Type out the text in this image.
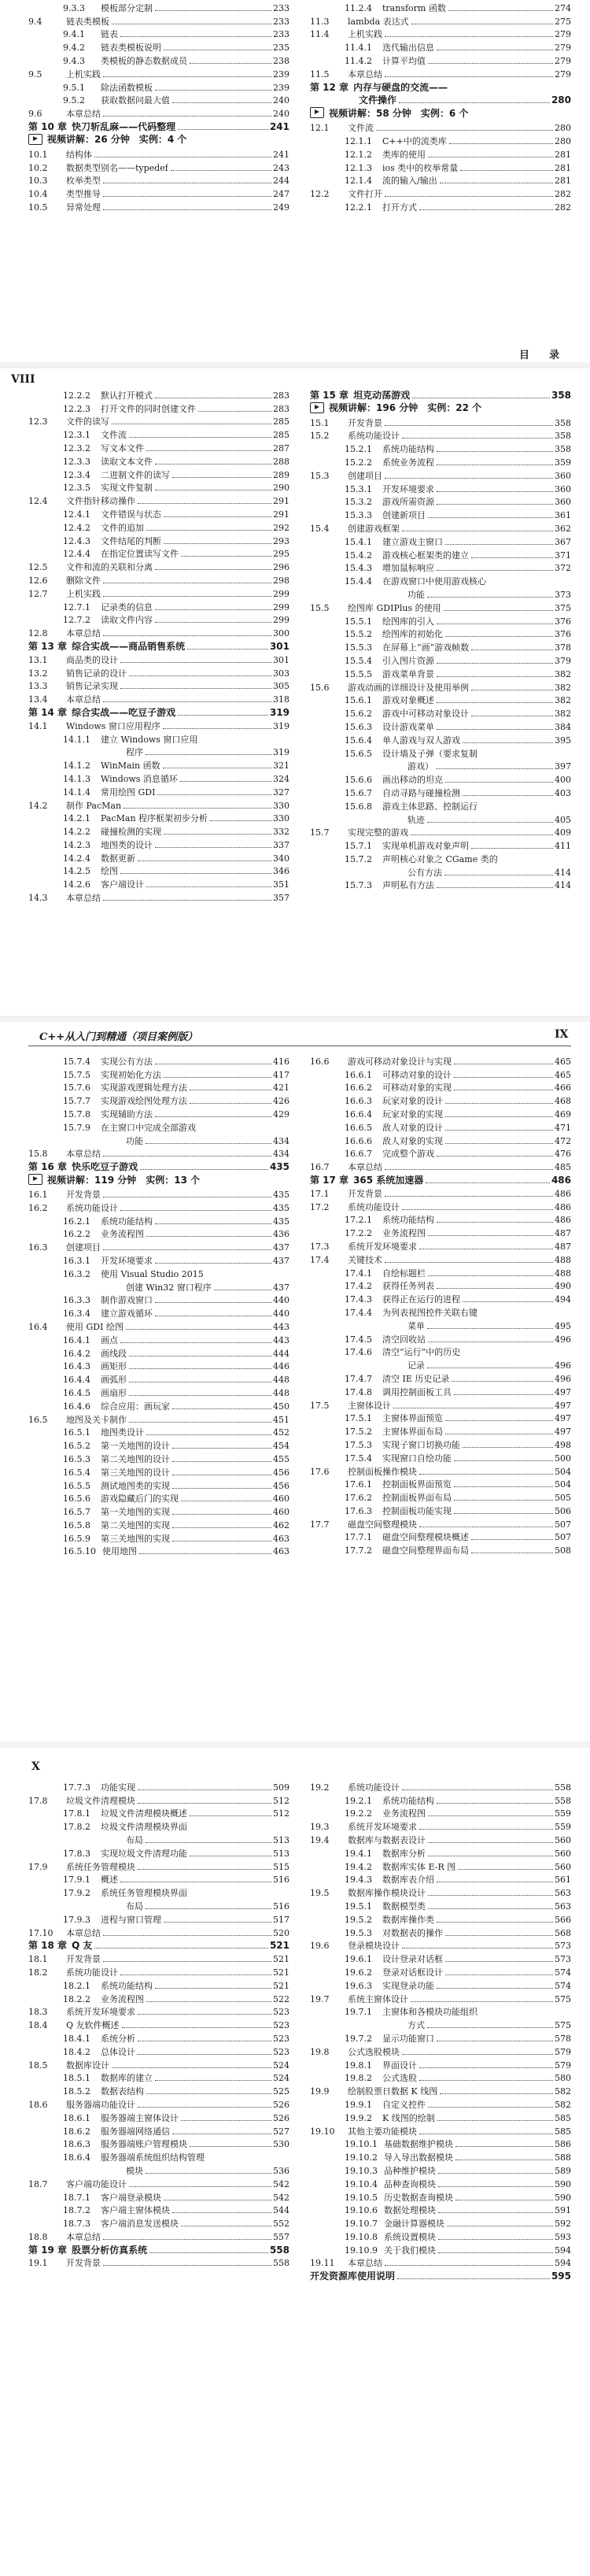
9.3.3	模板部分定制	233
9.4	链表类模板	233
9.4.1	链表	233
9.4.2	链表类模板说明	235
9.4.3	类模板的静态数据成员	238
9.5	上机实践	239
9.5.1	除法函数模板	239
9.5.2	获取数据问最大值	240
9.6	本章总结	240
第 10 章 快刀斩乱麻——代码整理	241
视频讲解：26 分钟　实例：4 个
10.1	结构体	241
10.2	数据类型别名——typedef	243
10.3	枚举类型	244
10.4	类型推导	247
10.5	异常处理	249
11.2.4	transform 函数	274
11.3	lambda 表达式	275
11.4	上机实践	279
11.4.1	迭代输出信息	279
11.4.2	计算平均值	279
11.5	本章总结	279
第 12 章 内存与硬盘的交流——
文件操作	280
视频讲解：58 分钟　实例：6 个
12.1	文件流	280
12.1.1	C++中的流类库	280
12.1.2	类库的使用	281
12.1.3	ios 类中的枚举常量	281
12.1.4	流的输入/输出	281
12.2	文件打开	282
12.2.1	打开方式	282
目　录
VIII
12.2.2	默认打开模式	283
12.2.3	打开文件的同时创建文件	283
12.3	文件的读写	285
12.3.1	文件流	285
12.3.2	写文本文件	287
12.3.3	读取文本文件	288
12.3.4	二进制文件的读写	289
12.3.5	实现文件复制	290
12.4	文件指针移动操作	291
12.4.1	文件错误与状态	291
12.4.2	文件的追加	292
12.4.3	文件结尾的判断	293
12.4.4	在指定位置读写文件	295
12.5	文件和流的关联和分离	296
12.6	删除文件	298
12.7	上机实践	299
12.7.1	记录类的信息	299
12.7.2	读取文件内容	299
12.8	本章总结	300
第 13 章 综合实战——商品销售系统	301
13.1	商品类的设计	301
13.2	销售记录的设计	303
13.3	销售记录实现	305
13.4	本章总结	318
第 14 章 综合实战——吃豆子游戏	319
14.1	Windows 窗口应用程序	319
14.1.1	建立 Windows 窗口应用
程序	319
14.1.2	WinMain 函数	321
14.1.3	Windows 消息循环	324
14.1.4	常用绘图 GDI	327
14.2	制作 PacMan	330
14.2.1	PacMan 程序框架初步分析	330
14.2.2	碰撞检测的实现	332
14.2.3	地图类的设计	337
14.2.4	数据更新	340
14.2.5	绘图	346
14.2.6	客户端设计	351
14.3	本章总结	357
第 15 章 坦克动荡游戏	358
视频讲解：196 分钟　实例：22 个
15.1	开发背景	358
15.2	系统功能设计	358
15.2.1	系统功能结构	358
15.2.2	系统业务流程	359
15.3	创建项目	360
15.3.1	开发环境要求	360
15.3.2	游戏所需资源	360
15.3.3	创建新项目	361
15.4	创建游戏框架	362
15.4.1	建立游戏主窗口	367
15.4.2	游戏核心框架类的建立	371
15.4.3	增加鼠标响应	372
15.4.4	在游戏窗口中使用游戏核心
功能	373
15.5	绘图库 GDIPlus 的使用	375
15.5.1	绘图库的引入	376
15.5.2	绘图库的初始化	376
15.5.3	在屏幕上“画”游戏帧数	378
15.5.4	引入图片资源	379
15.5.5	游戏菜单背景	382
15.6	游戏动画的详细设计及使用举例	382
15.6.1	游戏对象概述	382
15.6.2	游戏中可移动对象设计	382
15.6.3	设计游戏菜单	384
15.6.4	单人游戏与双人游戏	395
15.6.5	设计墙及子弹（要求复制
游戏）	397
15.6.6	画出移动的坦克	400
15.6.7	自动寻路与碰撞检测	403
15.6.8	游戏主体思路、控制运行
轨迹	405
15.7	实现完整的游戏	409
15.7.1	实现单机游戏对象声明	411
15.7.2	声明核心对象之 CGame 类的
公有方法	414
15.7.3	声明私有方法	414
C++从入门到精通（项目案例版）	IX
15.7.4	实现公有方法	416
15.7.5	实现初始化方法	417
15.7.6	实现游戏逻辑处理方法	421
15.7.7	实现游戏绘图处理方法	426
15.7.8	实现辅助方法	429
15.7.9	在主窗口中完成全部游戏
功能	434
15.8	本章总结	434
第 16 章 快乐吃豆子游戏	435
视频讲解：119 分钟　实例：13 个
16.1	开发背景	435
16.2	系统功能设计	435
16.2.1	系统功能结构	435
16.2.2	业务流程图	436
16.3	创建项目	437
16.3.1	开发环境要求	437
16.3.2	使用 Visual Studio 2015
创建 Win32 窗口程序	437
16.3.3	制作游戏窗口	440
16.3.4	建立游戏循环	440
16.4	使用 GDI 绘图	443
16.4.1	画点	443
16.4.2	画线段	444
16.4.3	画矩形	446
16.4.4	画弧形	448
16.4.5	画扇形	448
16.4.6	综合应用：画玩家	450
16.5	地图及关卡制作	451
16.5.1	地图类设计	452
16.5.2	第一关地图的设计	454
16.5.3	第二关地图的设计	455
16.5.4	第三关地图的设计	456
16.5.5	测试地图类的实现	456
16.5.6	游戏隐藏后门的实现	460
16.5.7	第一关地图的实现	460
16.5.8	第二关地图的实现	462
16.5.9	第三关地图的实现	463
16.5.10 使用地图	463
16.6	游戏可移动对象设计与实现	465
16.6.1	可移动对象的设计	465
16.6.2	可移动对象的实现	466
16.6.3	玩家对象的设计	468
16.6.4	玩家对象的实现	469
16.6.5	敌人对象的设计	471
16.6.6	敌人对象的实现	472
16.6.7	完成整个游戏	476
16.7	本章总结	485
第 17 章 365 系统加速器	486
17.1	开发背景	486
17.2	系统功能设计	486
17.2.1	系统功能结构	486
17.2.2	业务流程图	487
17.3	系统开发环境要求	487
17.4	关键技术	488
17.4.1	自绘标题栏	488
17.4.2	获得任务列表	490
17.4.3	获得正在运行的进程	494
17.4.4	为列表视图控件关联右键
菜单	495
17.4.5	清空回收站	496
17.4.6	清空“运行”中的历史
记录	496
17.4.7	清空 IE 历史记录	496
17.4.8	调用控制面板工具	497
17.5	主窗体设计	497
17.5.1	主窗体界面预览	497
17.5.2	主窗体界面布局	497
17.5.3	实现子窗口切换功能	498
17.5.4	实现窗口自绘功能	500
17.6	控制面板操作模块	504
17.6.1	控制面板界面预览	504
17.6.2	控制面板界面布局	505
17.6.3	控制面板功能实现	506
17.7	磁盘空间整理模块	507
17.7.1	磁盘空间整理模块概述	507
17.7.2	磁盘空间整理界面布局	508
X
17.7.3	功能实现	509
17.8	垃圾文件清理模块	512
17.8.1	垃圾文件清理模块概述	512
17.8.2	垃圾文件清理模块界面
布局	513
17.8.3	实现垃圾文件清理功能	513
17.9	系统任务管理模块	515
17.9.1	概述	516
17.9.2	系统任务管理模块界面
布局	516
17.9.3	进程与窗口管理	517
17.10	本章总结	520
第 18 章 Q 友	521
18.1	开发背景	521
18.2	系统功能设计	521
18.2.1	系统功能结构	521
18.2.2	业务流程图	522
18.3	系统开发环境要求	523
18.4	Q 友软件概述	523
18.4.1	系统分析	523
18.4.2	总体设计	523
18.5	数据库设计	524
18.5.1	数据库的建立	524
18.5.2	数据表结构	525
18.6	服务器端功能设计	526
18.6.1	服务器端主窗体设计	526
18.6.2	服务器端网络通信	527
18.6.3	服务器端账户管理模块	530
18.6.4	服务器端系统组织结构管理
模块	536
18.7	客户端功能设计	542
18.7.1	客户端登录模块	542
18.7.2	客户端主窗体模块	544
18.7.3	客户端消息发送模块	552
18.8	本章总结	557
第 19 章 股票分析仿真系统	558
19.1	开发背景	558
19.2	系统功能设计	558
19.2.1	系统功能结构	558
19.2.2	业务流程图	559
19.3	系统开发环境要求	559
19.4	数据库与数据表设计	560
19.4.1	数据库分析	560
19.4.2	数据库实体 E-R 图	560
19.4.3	数据库表介绍	561
19.5	数据库操作模块设计	563
19.5.1	数据模型类	563
19.5.2	数据库操作类	566
19.5.3	对数据表的操作	568
19.6	登录模块设计	573
19.6.1	设计登录对话框	573
19.6.2	登录对话框设计	574
19.6.3	实现登录功能	574
19.7	系统主窗体设计	575
19.7.1	主窗体和各模块功能组织
方式	575
19.7.2	显示功能窗口	578
19.8	公式选股模块	579
19.8.1	界面设计	579
19.8.2	公式选股	580
19.9	绘制股票日数据 K 线图	582
19.9.1	自定义控件	582
19.9.2	K 线图的绘制	585
19.10	其他主要功能模块	585
19.10.1 基础数据维护模块	586
19.10.2 导入导出数据模块	588
19.10.3 品种维护模块	589
19.10.4 品种查询模块	590
19.10.5 历史数据查询模块	590
19.10.6 数据处理模块	591
19.10.7 金融计算器模块	592
19.10.8 系统设置模块	593
19.10.9 关于我们模块	594
19.11	本章总结	594
开发资源库使用说明	595
